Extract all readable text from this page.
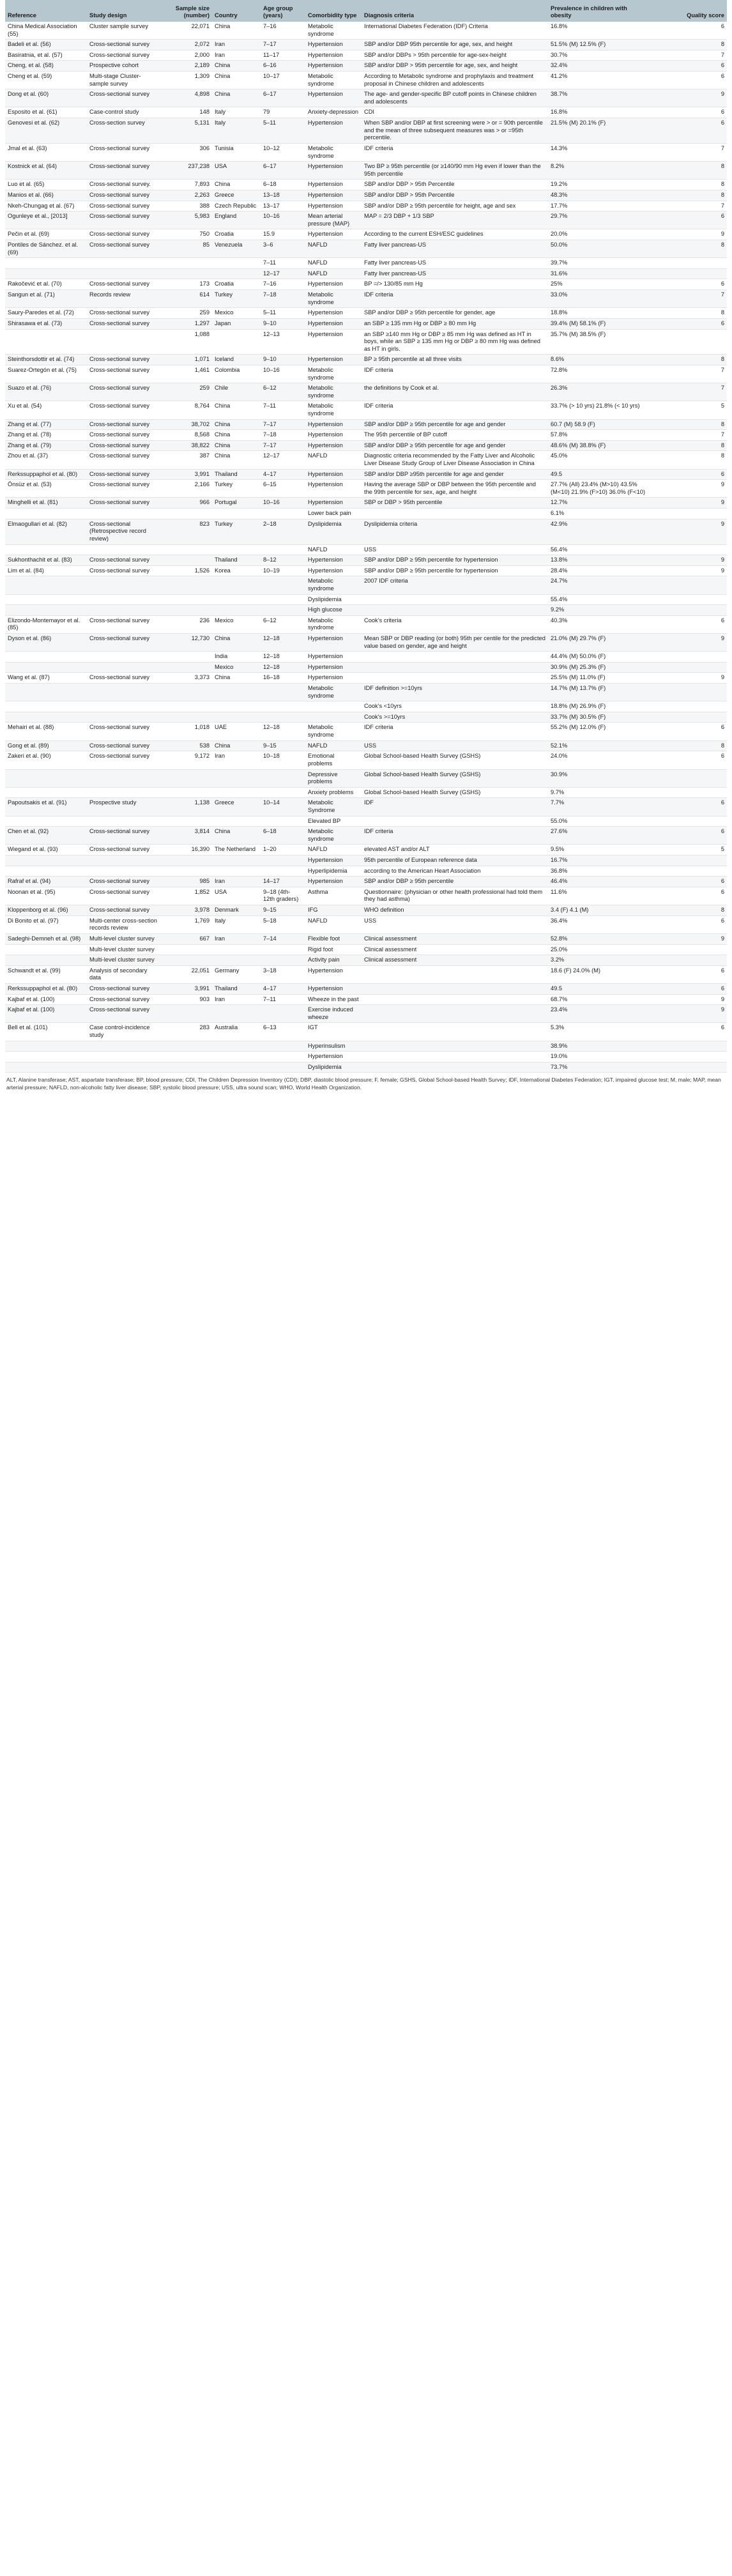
Reference	Study design	Sample size (number)	Country	Age group (years)	Comorbidity type	Diagnosis criteria	Prevalence in children with obesity	Quality score
China Medical Association (55)	Cluster sample survey	22,071	China	7–16	Metabolic syndrome	International Diabetes Federation (IDF) Criteria	16.8%	6
Badeli et al. (56)	Cross-sectional survey	2,072	Iran	7–17	Hypertension	SBP and/or DBP 95th percentile for age, sex, and height	51.5% (M) 12.5% (F)	8
Basiratnia, et al. (57)	Cross-sectional survey	2,000	Iran	11–17	Hypertension	SBP and/or DBPs > 95th percentile for age-sex-height	30.7%	7
Cheng, et al. (58)	Prospective cohort	2,189	China	6–16	Hypertension	SBP and/or DBP > 95th percentile for age, sex, and height	32.4%	6
Cheng et al. (59)	Multi-stage Cluster-sample survey	1,309	China	10–17	Metabolic syndrome	According to Metabolic syndrome and prophylaxis and treatment proposal in Chinese children and adolescents	41.2%	6
Dong et al. (60)	Cross-sectional survey	4,898	China	6–17	Hypertension	The age- and gender-specific BP cutoff points in Chinese children and adolescents	38.7%	9
Esposito et al. (61)	Case-control study	148	Italy	79	Anxiety-depression	CDI	16.8%	6
Genovesi et al. (62)	Cross-section survey	5,131	Italy	5–11	Hypertension	When SBP and/or DBP at first screening were > or = 90th percentile and the mean of three subsequent measures was > or =95th percentile.	21.5% (M) 20.1% (F)	6
Jmal et al. (63)	Cross-sectional survey	306	Tunisia	10–12	Metabolic syndrome	IDF criteria	14.3%	7
Kostnick et al. (64)	Cross-sectional survey	237,238	USA	6–17	Hypertension	Two BP ≥ 95th percentile (or ≥140/90 mm Hg even if lower than the 95th percentile	8.2%	8
Luo et al. (65)	Cross-sectional survey.	7,893	China	6–18	Hypertension	SBP and/or DBP > 95th Percentile	19.2%	8
Manios et al. (66)	Cross-sectional survey	2,263	Greece	13–18	Hypertension	SBP and/or DBP > 95th Percentile	48.3%	8
Nkeh-Chungag et al. (67)	Cross-sectional survey	388	Czech Republic	13–17	Hypertension	SBP and/or DBP ≥ 95th percentile for height, age and sex	17.7%	7
Ogunleye et al., [2013]	Cross-sectional survey	5,983	England	10–16	Mean arterial pressure (MAP)	MAP = 2/3 DBP + 1/3 SBP	29.7%	6
Pečin et al. (69)	Cross-sectional survey	750	Croatia	15.9	Hypertension	According to the current ESH/ESC guidelines	20.0%	9
Pontiles de Sánchez. et al. (69)	Cross-sectional survey	85	Venezuela	3–6	NAFLD	Fatty liver pancreas-US	50.0%	8
				7–11	NAFLD	Fatty liver pancreas-US	39.7%	
				12–17	NAFLD	Fatty liver pancreas-US	31.6%	
Rakočević et al. (70)	Cross-sectional survey	173	Croatia	7–16	Hypertension	BP =/> 130/85 mm Hg	25%	6
Sangun et al. (71)	Records review	614	Turkey	7–18	Metabolic syndrome	IDF criteria	33.0%	7
Saury-Paredes et al. (72)	Cross-sectional survey	259	Mexico	5–11	Hypertension	SBP and/or DBP ≥ 95th percentile for gender, age	18.8%	8
Shirasawa et al. (73)	Cross-sectional survey	1,297	Japan	9–10	Hypertension	an SBP ≥ 135 mm Hg or DBP ≥ 80 mm Hg	39.4% (M) 58.1% (F)	6
		1,088		12–13	Hypertension	an SBP ≥140 mm Hg or DBP ≥ 85 mm Hg was defined as HT in boys, while an SBP ≥ 135 mm Hg or DBP ≥ 80 mm Hg was defined as HT in girls.	35.7% (M) 38.5% (F)	
Steinthorsdottir et al. (74)	Cross-sectional survey	1,071	Iceland	9–10	Hypertension	BP ≥ 95th percentile at all three visits	8.6%	8
Suarez-Ortegón et al. (75)	Cross-sectional survey	1,461	Colombia	10–16	Metabolic syndrome	IDF criteria	72.8%	7
Suazo et al. (76)	Cross-sectional survey	259	Chile	6–12	Metabolic syndrome	the definitions by Cook et al.	26.3%	7
Xu et al. (54)	Cross-sectional survey	8,764	China	7–11	Metabolic syndrome	IDF criteria	33.7% (> 10 yrs) 21.8% (< 10 yrs)	5
Zhang et al. (77)	Cross-sectional survey	38,702	China	7–17	Hypertension	SBP and/or DBP ≥ 95th percentile for age and gender	60.7 (M) 58.9 (F)	8
Zhang et al. (78)	Cross-sectional survey	8,568	China	7–18	Hypertension	The 95th percentile of BP cutoff	57.8%	7
Zhang et al. (79)	Cross-sectional survey	38,822	China	7–17	Hypertension	SBP and/or DBP ≥ 95th percentile for age and gender	48.6% (M) 38.8% (F)	8
Zhou et al. (37)	Cross-sectional survey	387	China	12–17	NAFLD	Diagnostic criteria recommended by the Fatty Liver and Alcoholic Liver Disease Study Group of Liver Disease Association in China	45.0%	8
Rerkssuppaphol et al. (80)	Cross-sectional survey	3,991	Thailand	4–17	Hypertension	SBP and/or DBP ≥95th percentile for age and gender	49.5	6
Önsüz et al. (53)	Cross-sectional survey	2,166	Turkey	6–15	Hypertension	Having the average SBP or DBP between the 95th percentile and the 99th percentile for sex, age, and height	27.7% (All) 23.4% (M>10) 43.5% (M<10) 21.9% (F>10) 36.0% (F<10)	9
Minghelli et al. (81)	Cross-sectional survey	966	Portugal	10–16	Hypertension	SBP or DBP > 95th percentile	12.7%	9
					Lower back pain		6.1%	
Elmaogullari et al. (82)	Cross-sectional (Retrospective record review)	823	Turkey	2–18	Dyslipidemia	Dyslipidemia criteria	42.9%	9
					NAFLD	USS	56.4%	
Sukhonthachit et al. (83)	Cross-sectional survey		Thailand	8–12	Hypertension	SBP and/or DBP ≥ 95th percentile for hypertension	13.8%	9
Lim et al. (84)	Cross-sectional survey	1,526	Korea	10–19	Hypertension	SBP and/or DBP ≥ 95th percentile for hypertension	28.4%	9
					Metabolic syndrome	2007 IDF criteria	24.7%	
					Dyslipidemia		55.4%	
					High glucose		9.2%	
Elizondo-Montemayor et al. (85)	Cross-sectional survey	236	Mexico	6–12	Metabolic syndrome	Cook's criteria	40.3%	6
Dyson et al. (86)	Cross-sectional survey	12,730	China	12–18	Hypertension	Mean SBP or DBP reading (or both) 95th per centile for the predicted value based on gender, age and height	21.0% (M) 29.7% (F)	9
			India	12–18	Hypertension		44.4% (M) 50.0% (F)	
			Mexico	12–18	Hypertension		30.9% (M) 25.3% (F)	
Wang et al. (87)	Cross-sectional survey	3,373	China	16–18	Hypertension		25.5% (M) 11.0% (F)	9
					Metabolic syndrome	IDF definition >=10yrs	14.7% (M) 13.7% (F)	
						Cook's <10yrs	18.8% (M) 26.9% (F)	
						Cook's >=10yrs	33.7% (M) 30.5% (F)	
Mehairi et al. (88)	Cross-sectional survey	1,018	UAE	12–18	Metabolic syndrome	IDF criteria	55.2% (M) 12.0% (F)	6
Gong et al. (89)	Cross-sectional survey	538	China	9–15	NAFLD	USS	52.1%	8
Zakeri et al. (90)	Cross-sectional survey	9,172	Iran	10–18	Emotional problems	Global School-based Health Survey (GSHS)	24.0%	6
					Depressive problems	Global School-based Health Survey (GSHS)	30.9%	
					Anxiety problems	Global School-based Health Survey (GSHS)	9.7%	
Papoutsakis et al. (91)	Prospective study	1,138	Greece	10–14	Metabolic Syndrome	IDF	7.7%	6
					Elevated BP		55.0%	
Chen et al. (92)	Cross-sectional survey	3,814	China	6–18	Metabolic syndrome	IDF criteria	27.6%	6
Wiegand et al. (93)	Cross-sectional survey	16,390	The Netherland	1–20	NAFLD	elevated AST and/or ALT	9.5%	5
					Hypertension	95th percentile of European reference data	16.7%	
					Hyperlipidemia	according to the American Heart Association	36.8%	
Rafraf et al. (94)	Cross-sectional survey	985	Iran	14–17	Hypertension	SBP and/or DBP ≥ 95th percentile	46.4%	6
Noonan et al. (95)	Cross-sectional survey	1,852	USA	9–18 (4th- 12th graders)	Asthma	Questionnaire: (physician or other health professional had told them they had asthma)	11.6%	6
Kloppenborg et al. (96)	Cross-sectional survey	3,978	Denmark	9–15	IFG	WHO definition	3.4 (F) 4.1 (M)	8
Di Bonito et al. (97)	Multi-center cross-section records review	1,769	Italy	5–18	NAFLD	USS	36.4%	6
Sadeghi-Demneh et al. (98)	Multi-level cluster survey	667	Iran	7–14	Flexible foot	Clinical assessment	52.8%	9
	Multi-level cluster survey				Rigid foot	Clinical assessment	25.0%	
	Multi-level cluster survey				Activity pain	Clinical assessment	3.2%	
Schwandt et al. (99)	Analysis of secondary data	22,051	Germany	3–18	Hypertension		18.6 (F) 24.0% (M)	6
Rerkssuppaphol et al. (80)	Cross-sectional survey	3,991	Thailand	4–17	Hypertension		49.5	6
Kajbaf et al. (100)	Cross-sectional survey	903	Iran	7–11	Wheeze in the past		68.7%	9
Kajbaf et al. (100)	Cross-sectional survey				Exercise induced wheeze		23.4%	9
Bell et al. (101)	Case control-incidence study	283	Australia	6–13	IGT		5.3%	6
					Hyperinsulism		38.9%	
					Hypertension		19.0%	
					Dyslipidemia		73.7%	
ALT, Alanine transferase; AST, aspartate transferase; BP, blood pressure; CDI, The Children Depression Inventory (CDI); DBP, diastolic blood pressure; F, female; GSHS, Global School-based Health Survey; IDF, International Diabetes Federation; IGT, impaired glucose test; M, male; MAP, mean arterial pressure; NAFLD, non-alcoholic fatty liver disease; SBP, systolic blood pressure; USS, ultra sound scan; WHO, World Health Organization.
